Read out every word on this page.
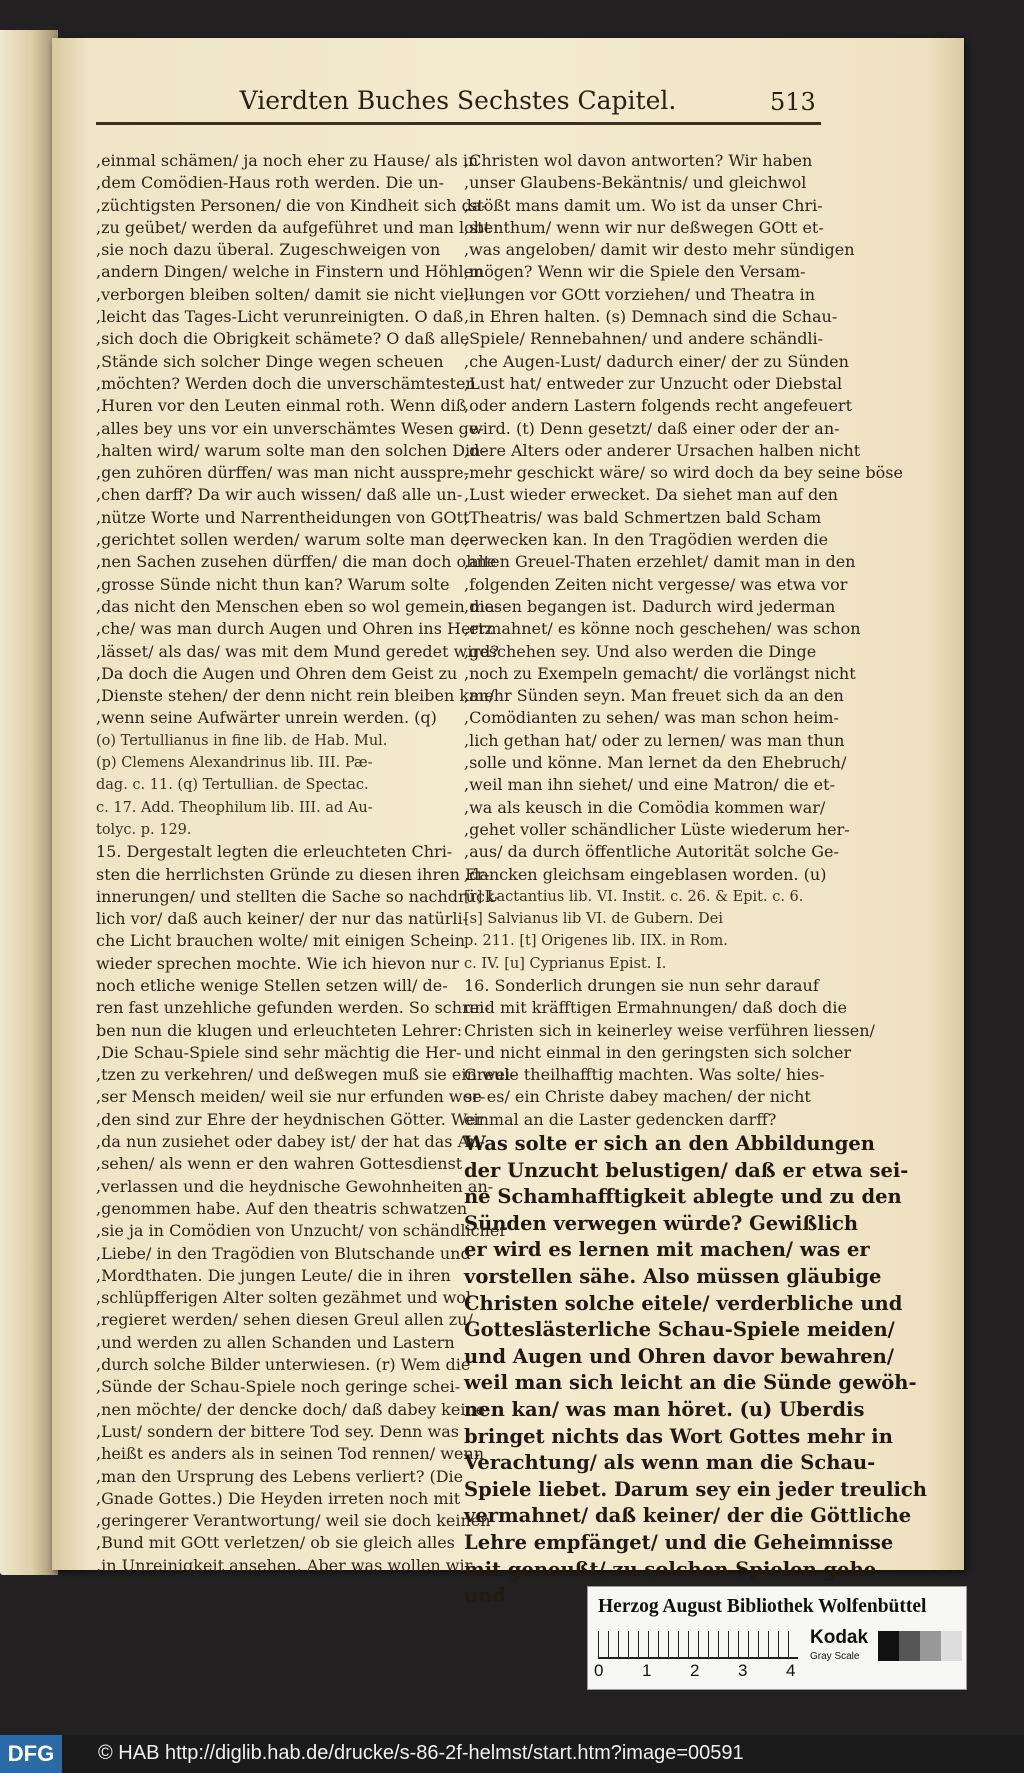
Vierdten Buches Sechstes Capitel.	513

,einmal schämen/ ja noch eher zu Hause/ als in

,dem Comödien-Haus roth werden. Die un-

,züchtigsten Personen/ die von Kindheit sich da-

,zu geübet/ werden da aufgeführet und man lobt

,sie noch dazu überal. Zugeschweigen von

,andern Dingen/ welche in Finstern und Höhlen

,verborgen bleiben solten/ damit sie nicht viel-

,leicht das Tages-Licht verunreinigten. O daß

,sich doch die Obrigkeit schämete? O daß alle

,Stände sich solcher Dinge wegen scheuen

,möchten? Werden doch die unverschämtesten

,Huren vor den Leuten einmal roth. Wenn diß

,alles bey uns vor ein unverschämtes Wesen ge-

,halten wird/ warum solte man den solchen Din-

,gen zuhören dürffen/ was man nicht ausspre-

,chen darff? Da wir auch wissen/ daß alle un-

,nütze Worte und Narrentheidungen von GOtt

,gerichtet sollen werden/ warum solte man de-

,nen Sachen zusehen dürffen/ die man doch ohne

,grosse Sünde nicht thun kan? Warum solte

,das nicht den Menschen eben so wol gemein ma-

,che/ was man durch Augen und Ohren ins Hertz

,lässet/ als das/ was mit dem Mund geredet wird?

,Da doch die Augen und Ohren dem Geist zu

,Dienste stehen/ der denn nicht rein bleiben kan/

,wenn seine Aufwärter unrein werden. (q)

(o) Tertullianus in fine lib. de Hab. Mul.

(p) Clemens Alexandrinus lib. III. Pæ-

dag. c. 11. (q) Tertullian. de Spectac.

c. 17. Add. Theophilum lib. III. ad Au-

tolyc. p. 129.

15. Dergestalt legten die erleuchteten Chri-

sten die herrlichsten Gründe zu diesen ihren Er-

innerungen/ und stellten die Sache so nachdrück-

lich vor/ daß auch keiner/ der nur das natürli-

che Licht brauchen wolte/ mit einigen Schein

wieder sprechen mochte. Wie ich hievon nur

noch etliche wenige Stellen setzen will/ de-

ren fast unzehliche gefunden werden. So schrei-

ben nun die klugen und erleuchteten Lehrer:

,Die Schau-Spiele sind sehr mächtig die Her-

,tzen zu verkehren/ und deßwegen muß sie ein wei-

,ser Mensch meiden/ weil sie nur erfunden wor-

,den sind zur Ehre der heydnischen Götter. Wer

,da nun zusiehet oder dabey ist/ der hat das An-

,sehen/ als wenn er den wahren Gottesdienst

,verlassen und die heydnische Gewohnheiten an-

,genommen habe. Auf den theatris schwatzen

,sie ja in Comödien von Unzucht/ von schändlicher

,Liebe/ in den Tragödien von Blutschande und

,Mordthaten. Die jungen Leute/ die in ihren

,schlüpfferigen Alter solten gezähmet und wol

,regieret werden/ sehen diesen Greul allen zu/

,und werden zu allen Schanden und Lastern

,durch solche Bilder unterwiesen. (r) Wem die

,Sünde der Schau-Spiele noch geringe schei-

,nen möchte/ der dencke doch/ daß dabey keine

,Lust/ sondern der bittere Tod sey. Denn was

,heißt es anders als in seinen Tod rennen/ wenn

,man den Ursprung des Lebens verliert? (Die

,Gnade Gottes.) Die Heyden irreten noch mit

,geringerer Verantwortung/ weil sie doch keinen

,Bund mit GOtt verletzen/ ob sie gleich alles

,in Unreinigkeit ansehen. Aber was wollen wir

,Christen wol davon antworten? Wir haben

,unser Glaubens-Bekäntnis/ und gleichwol

,stößt mans damit um. Wo ist da unser Chri-

,stenthum/ wenn wir nur deßwegen GOtt et-

,was angeloben/ damit wir desto mehr sündigen

,mögen? Wenn wir die Spiele den Versam-

,lungen vor GOtt vorziehen/ und Theatra in

,in Ehren halten. (s) Demnach sind die Schau-

,Spiele/ Rennebahnen/ und andere schändli-

,che Augen-Lust/ dadurch einer/ der zu Sünden

,Lust hat/ entweder zur Unzucht oder Diebstal

,oder andern Lastern folgends recht angefeuert

,wird. (t) Denn gesetzt/ daß einer oder der an-

,dere Alters oder anderer Ursachen halben nicht

,mehr geschickt wäre/ so wird doch da bey seine böse

,Lust wieder erwecket. Da siehet man auf den

,Theatris/ was bald Schmertzen bald Scham

,erwecken kan. In den Tragödien werden die

,alten Greuel-Thaten erzehlet/ damit man in den

,folgenden Zeiten nicht vergesse/ was etwa vor

,diesen begangen ist. Dadurch wird jederman

,ermahnet/ es könne noch geschehen/ was schon

,geschehen sey. Und also werden die Dinge

,noch zu Exempeln gemacht/ die vorlängst nicht

,mehr Sünden seyn. Man freuet sich da an den

,Comödianten zu sehen/ was man schon heim-

,lich gethan hat/ oder zu lernen/ was man thun

,solle und könne. Man lernet da den Ehebruch/

,weil man ihn siehet/ und eine Matron/ die et-

,wa als keusch in die Comödia kommen war/

,gehet voller schändlicher Lüste wiederum her-

,aus/ da durch öffentliche Autorität solche Ge-

,dancken gleichsam eingeblasen worden. (u)

[r] Lactantius lib. VI. Instit. c. 26. & Epit. c. 6.

[s] Salvianus lib VI. de Gubern. Dei

p. 211. [t] Origenes lib. IIX. in Rom.

c. IV. [u] Cyprianus Epist. I.

16. Sonderlich drungen sie nun sehr darauf

und mit kräfftigen Ermahnungen/ daß doch die

Christen sich in keinerley weise verführen liessen/

und nicht einmal in den geringsten sich solcher

Greule theilhafftig machten. Was solte/ hies-

se es/ ein Christe dabey machen/ der nicht

einmal an die Laster gedencken darff?

Was solte er sich an den Abbildungen

der Unzucht belustigen/ daß er etwa sei-

ne Schamhafftigkeit ablegte und zu den

Sünden verwegen würde? Gewißlich

er wird es lernen mit machen/ was er

vorstellen sähe. Also müssen gläubige

Christen solche eitele/ verderbliche und

Gotteslästerliche Schau-Spiele meiden/

und Augen und Ohren davor bewahren/

weil man sich leicht an die Sünde gewöh-

nen kan/ was man höret. (u) Uberdis

bringet nichts das Wort Gottes mehr in

Verachtung/ als wenn man die Schau-

Spiele liebet. Darum sey ein jeder treulich

vermahnet/ daß keiner/ der die Göttliche

Lehre empfänget/ und die Geheimnisse

mit geneußt/ zu solchen Spielen gehe

und	Herzog August Bibliothek Wolfenbüttel
0 1 2 3 4
Kodak
Gray Scale
DFG	© HAB http://diglib.hab.de/drucke/s-86-2f-helmst/start.htm?image=00591
